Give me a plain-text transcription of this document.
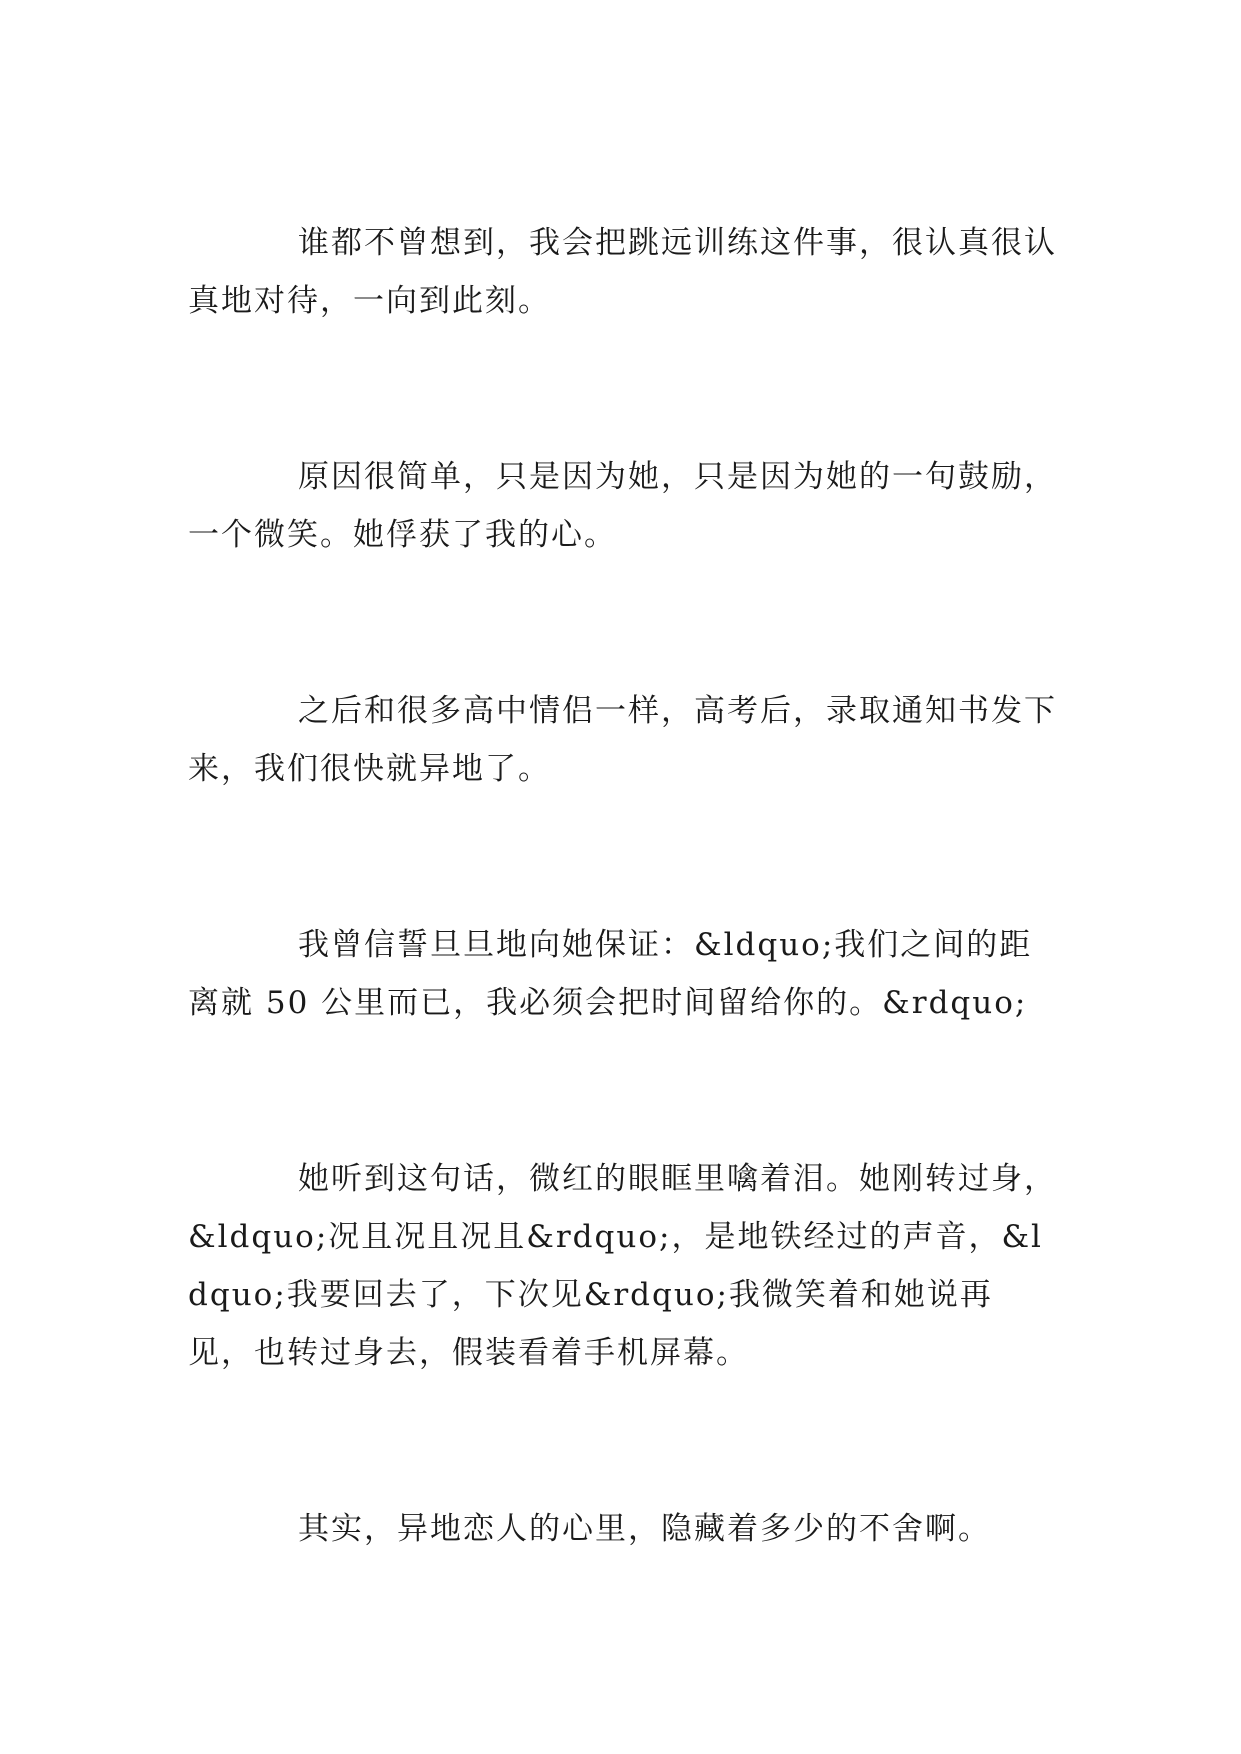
谁都不曾想到，我会把跳远训练这件事，很认真很认真地对待，一向到此刻。

原因很简单，只是因为她，只是因为她的一句鼓励，一个微笑。她俘获了我的心。

之后和很多高中情侣一样，高考后，录取通知书发下来，我们很快就异地了。

我曾信誓旦旦地向她保证：&ldquo;我们之间的距离就 50 公里而已，我必须会把时间留给你的。&rdquo;

她听到这句话，微红的眼眶里噙着泪。她刚转过身，&ldquo;况且况且况且&rdquo;，是地铁经过的声音，&ldquo;我要回去了，下次见&rdquo;我微笑着和她说再见，也转过身去，假装看着手机屏幕。

其实，异地恋人的心里，隐藏着多少的不舍啊。
